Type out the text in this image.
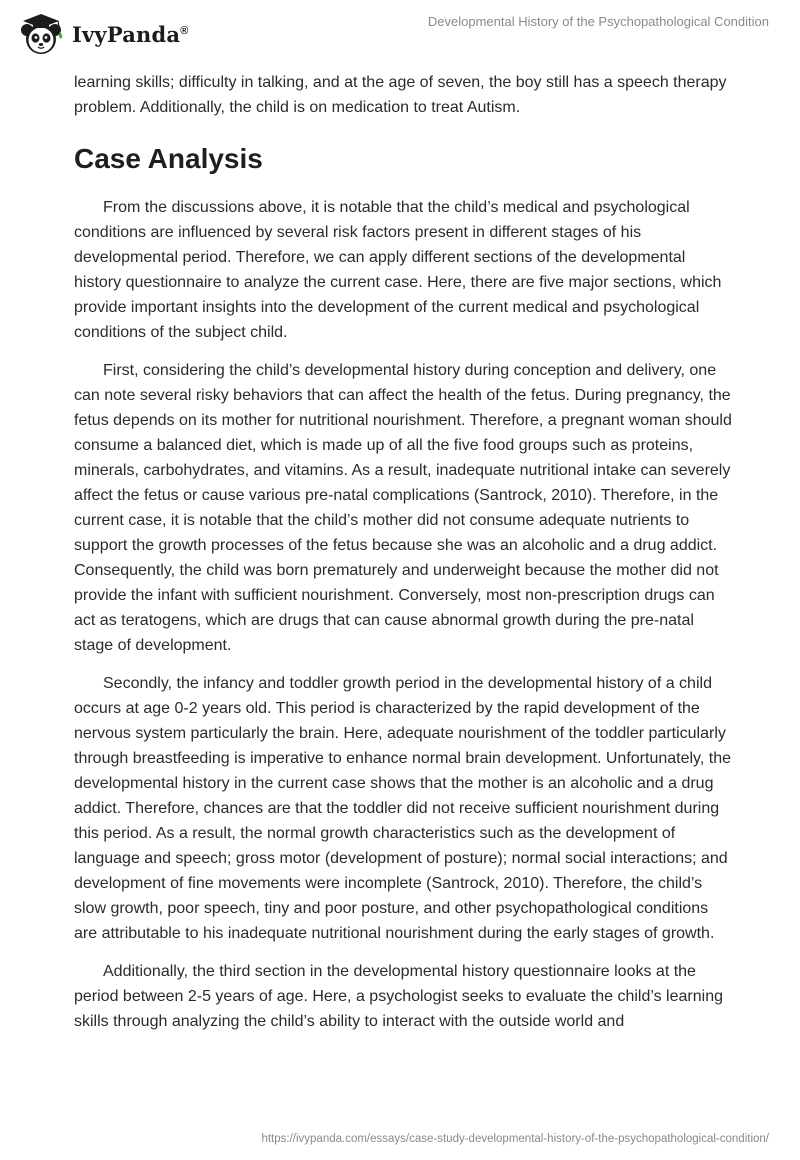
IvyPanda®
Developmental History of the Psychopathological Condition

learning skills; difficulty in talking, and at the age of seven, the boy still has a speech therapy problem. Additionally, the child is on medication to treat Autism.

Case Analysis

From the discussions above, it is notable that the child’s medical and psychological conditions are influenced by several risk factors present in different stages of his developmental period. Therefore, we can apply different sections of the developmental history questionnaire to analyze the current case. Here, there are five major sections, which provide important insights into the development of the current medical and psychological conditions of the subject child.

First, considering the child’s developmental history during conception and delivery, one can note several risky behaviors that can affect the health of the fetus. During pregnancy, the fetus depends on its mother for nutritional nourishment. Therefore, a pregnant woman should consume a balanced diet, which is made up of all the five food groups such as proteins, minerals, carbohydrates, and vitamins. As a result, inadequate nutritional intake can severely affect the fetus or cause various pre-natal complications (Santrock, 2010). Therefore, in the current case, it is notable that the child’s mother did not consume adequate nutrients to support the growth processes of the fetus because she was an alcoholic and a drug addict. Consequently, the child was born prematurely and underweight because the mother did not provide the infant with sufficient nourishment. Conversely, most non-prescription drugs can act as teratogens, which are drugs that can cause abnormal growth during the pre-natal stage of development.

Secondly, the infancy and toddler growth period in the developmental history of a child occurs at age 0-2 years old. This period is characterized by the rapid development of the nervous system particularly the brain. Here, adequate nourishment of the toddler particularly through breastfeeding is imperative to enhance normal brain development. Unfortunately, the developmental history in the current case shows that the mother is an alcoholic and a drug addict. Therefore, chances are that the toddler did not receive sufficient nourishment during this period. As a result, the normal growth characteristics such as the development of language and speech; gross motor (development of posture); normal social interactions; and development of fine movements were incomplete (Santrock, 2010). Therefore, the child’s slow growth, poor speech, tiny and poor posture, and other psychopathological conditions are attributable to his inadequate nutritional nourishment during the early stages of growth.

Additionally, the third section in the developmental history questionnaire looks at the period between 2-5 years of age. Here, a psychologist seeks to evaluate the child’s learning skills through analyzing the child’s ability to interact with the outside world and

https://ivypanda.com/essays/case-study-developmental-history-of-the-psychopathological-condition/
